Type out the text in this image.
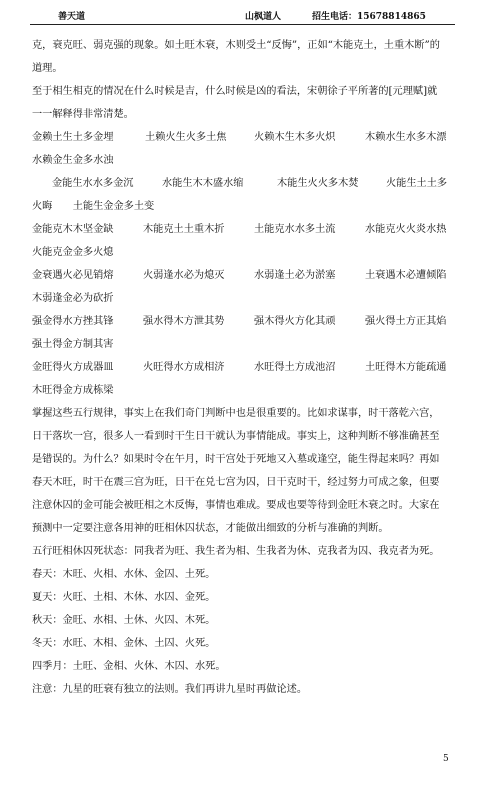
善天道	山枫道人	招生电话：15678814865
克，衰克旺、弱克强的现象。如土旺木衰，木则受土“反悔”，正如“木能克土，土重木断”的
道理。
至于相生相克的情况在什么时候是吉，什么时候是凶的看法，宋朝徐子平所著的[元理赋]就
一一解释得非常清楚。
金赖土生土多金埋	土赖火生火多土焦	火赖木生木多火炽	木赖水生水多木漂
水赖金生金多水浊
金能生水水多金沉	水能生木木盛水缩	木能生火火多木焚	火能生土土多
火晦　　土能生金金多土变
金能克木木坚金缺	木能克土土重木折	土能克水水多土流	水能克火火炎水热
火能克金金多火熄
金衰遇火必见销熔	火弱逢水必为熄灭	水弱逢土必为淤塞	土衰遇木必遭倾陷
木弱逢金必为砍折
强金得水方挫其锋	强水得木方泄其势	强木得火方化其顽	强火得土方正其焰
强土得金方制其害
金旺得火方成器皿	火旺得水方成相济	水旺得土方成池沼	土旺得木方能疏通
木旺得金方成栋梁
掌握这些五行规律，事实上在我们奇门判断中也是很重要的。比如求谋事，时干落乾六宫，
日干落坎一宫，很多人一看到时干生日干就认为事情能成。事实上，这种判断不够准确甚至
是错误的。为什么？如果时令在午月，时干宫处于死地又入墓或逢空，能生得起来吗？再如
春天木旺，时干在震三宫为旺，日干在兑七宫为囚，日干克时干，经过努力可成之象，但要
注意休囚的金可能会被旺相之木反悔，事情也难成。要成也要等待到金旺木衰之时。大家在
预测中一定要注意各用神的旺相休囚状态，才能做出细致的分析与准确的判断。
五行旺相休囚死状态：同我者为旺、我生者为相、生我者为休、克我者为囚、我克者为死。
春天：木旺、火相、水休、金囚、土死。
夏天：火旺、土相、木休、水囚、金死。
秋天：金旺、水相、土休、火囚、木死。
冬天：水旺、木相、金休、土囚、火死。
四季月：土旺、金相、火休、木囚、水死。
注意：九星的旺衰有独立的法则。我们再讲九星时再做论述。
5
